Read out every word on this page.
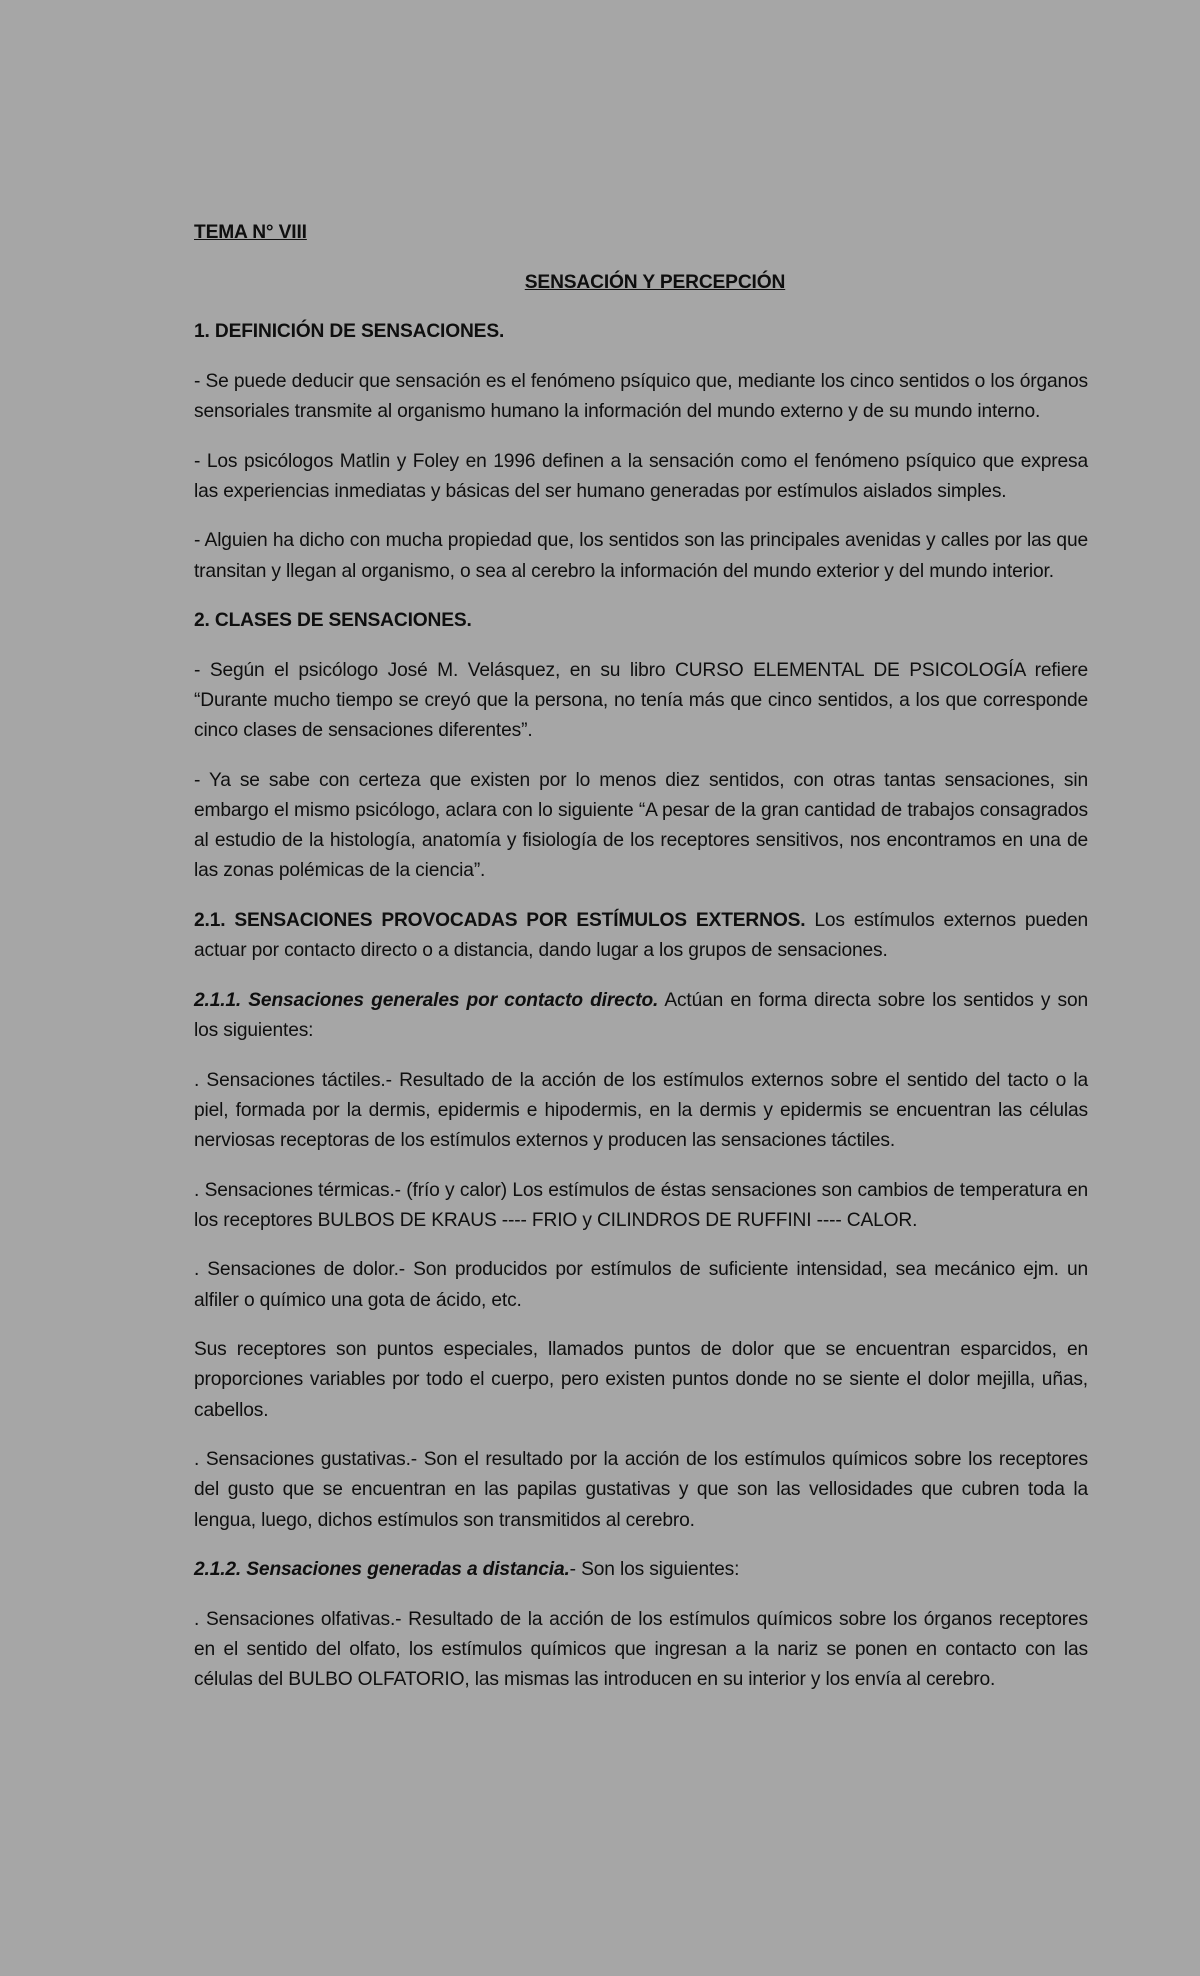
TEMA N° VIII
SENSACIÓN Y PERCEPCIÓN
1. DEFINICIÓN DE SENSACIONES.

- Se puede deducir que sensación es el fenómeno psíquico que, mediante los cinco sentidos o los órganos sensoriales transmite al organismo humano la información del mundo externo y de su mundo interno.

- Los psicólogos Matlin y Foley en 1996 definen a la sensación como el fenómeno psíquico que expresa las experiencias inmediatas y básicas del ser humano generadas por estímulos aislados simples.

- Alguien ha dicho con mucha propiedad que, los sentidos son las principales avenidas y calles por las que transitan y llegan al organismo, o sea al cerebro la información del mundo exterior y del mundo interior.

2. CLASES DE SENSACIONES.

- Según el psicólogo José M. Velásquez, en su libro CURSO ELEMENTAL DE PSICOLOGÍA refiere “Durante mucho tiempo se creyó que la persona, no tenía más que cinco sentidos, a los que corresponde cinco clases de sensaciones diferentes”.

- Ya se sabe con certeza que existen por lo menos diez sentidos, con otras tantas sensaciones, sin embargo el mismo psicólogo, aclara con lo siguiente “A pesar de la gran cantidad de trabajos consagrados al estudio de la histología, anatomía y fisiología de los receptores sensitivos, nos encontramos en una de las zonas polémicas de la ciencia”.

2.1. SENSACIONES PROVOCADAS POR ESTÍMULOS EXTERNOS. Los estímulos externos pueden actuar por contacto directo o a distancia, dando lugar a los grupos de sensaciones.

2.1.1. Sensaciones generales por contacto directo. Actúan en forma directa sobre los sentidos y son los siguientes:

. Sensaciones táctiles.- Resultado de la acción de los estímulos externos sobre el sentido del tacto o la piel, formada por la dermis, epidermis e hipodermis, en la dermis y epidermis se encuentran las células nerviosas receptoras de los estímulos externos y producen las sensaciones táctiles.

. Sensaciones térmicas.- (frío y calor) Los estímulos de éstas sensaciones son cambios de temperatura en los receptores BULBOS DE KRAUS ---- FRIO y CILINDROS DE RUFFINI ---- CALOR.

. Sensaciones de dolor.- Son producidos por estímulos de suficiente intensidad, sea mecánico ejm. un alfiler o químico una gota de ácido, etc.

Sus receptores son puntos especiales, llamados puntos de dolor que se encuentran esparcidos, en proporciones variables por todo el cuerpo, pero existen puntos donde no se siente el dolor mejilla, uñas, cabellos.

. Sensaciones gustativas.- Son el resultado por la acción de los estímulos químicos sobre los receptores del gusto que se encuentran en las papilas gustativas y que son las vellosidades que cubren toda la lengua, luego, dichos estímulos son transmitidos al cerebro.

2.1.2. Sensaciones generadas a distancia.- Son los siguientes:

. Sensaciones olfativas.- Resultado de la acción de los estímulos químicos sobre los órganos receptores en el sentido del olfato, los estímulos químicos que ingresan a la nariz se ponen en contacto con las células del BULBO OLFATORIO, las mismas las introducen en su interior y los envía al cerebro.
